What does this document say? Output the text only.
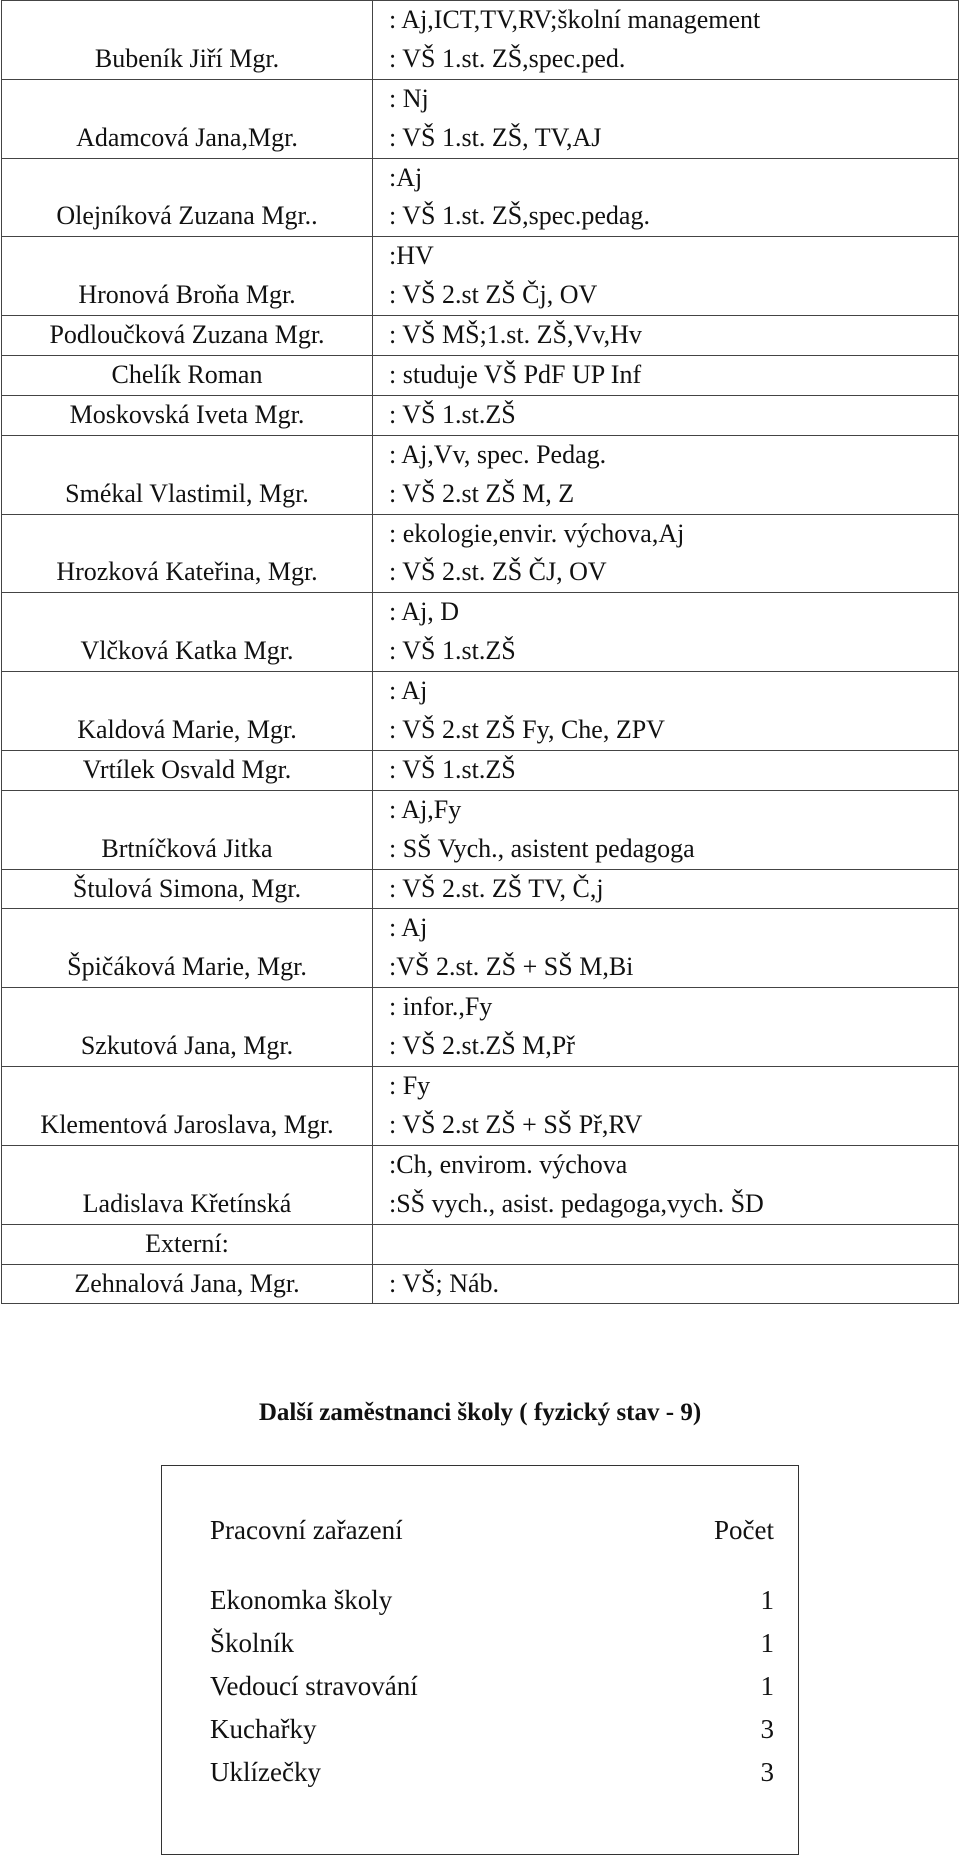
Bubeník Jiří Mgr.	: Aj,ICT,TV,RV;školní management
: VŠ 1.st. ZŠ,spec.ped.

Adamcová Jana,Mgr.	: Nj
: VŠ 1.st. ZŠ, TV,AJ

Olejníková Zuzana Mgr..	:Aj
: VŠ 1.st. ZŠ,spec.pedag.

Hronová Broňa Mgr.	:HV
: VŠ 2.st ZŠ Čj, OV

Podloučková Zuzana Mgr.	: VŠ MŠ;1.st. ZŠ,Vv,Hv

Chelík Roman	: studuje VŠ PdF UP Inf

Moskovská Iveta Mgr.	: VŠ 1.st.ZŠ

Smékal Vlastimil, Mgr.	: Aj,Vv, spec. Pedag.
: VŠ 2.st ZŠ M, Z

Hrozková Kateřina, Mgr.	: ekologie,envir. výchova,Aj
: VŠ 2.st. ZŠ ČJ, OV

Vlčková Katka Mgr.	: Aj, D
: VŠ 1.st.ZŠ

Kaldová Marie, Mgr.	: Aj
: VŠ 2.st ZŠ Fy, Che, ZPV

Vrtílek Osvald Mgr.	: VŠ 1.st.ZŠ

Brtníčková Jitka	: Aj,Fy
: SŠ Vych., asistent pedagoga

Štulová Simona, Mgr.	: VŠ 2.st. ZŠ TV, Č,j

Špičáková Marie, Mgr.	: Aj
:VŠ 2.st. ZŠ + SŠ M,Bi

Szkutová Jana, Mgr.	: infor.,Fy
: VŠ 2.st.ZŠ M,Př

Klementová Jaroslava, Mgr.	: Fy
: VŠ 2.st ZŠ + SŠ Př,RV

Ladislava Křetínská	:Ch, envirom. výchova
:SŠ vych., asist. pedagoga,vych. ŠD

Externí:	

Zehnalová Jana, Mgr.	: VŠ; Náb.
Další zaměstnanci školy ( fyzický stav - 9)
Pracovní zařazení	Počet
Ekonomka školy	1
Školník	1
Vedoucí stravování	1
Kuchařky	3
Uklízečky	3
